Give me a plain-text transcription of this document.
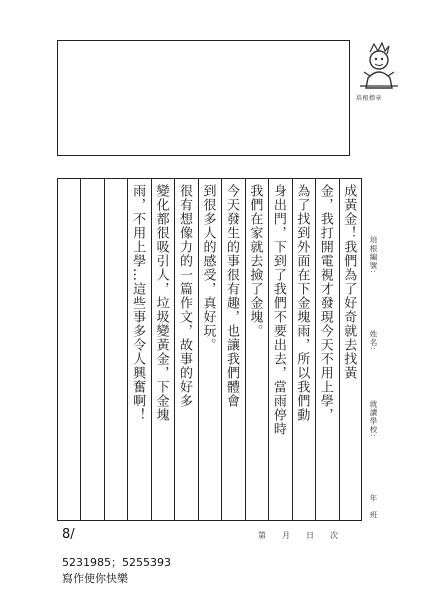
培根標章
成黃金！我們為了好奇就去找黃
金，我打開電視才發現今天不用上學，
為了找到外面在下金塊雨，所以我們動
身出門，下到了我們不要出去，當雨停時
我們在家就去撿了金塊。
今天發生的事很有趣，也讓我們體會
到很多人的感受，真好玩。
很有想像力的一篇作文，故事的好多
變化都很吸引人，垃圾變黃金，下金塊
雨，不用上學…這些事多令人興奮啊！	培根編號:
姓名:
就讀學校:
年　班
8/
5231985；5255393
寫作使你快樂
第　　月　　日　　次
